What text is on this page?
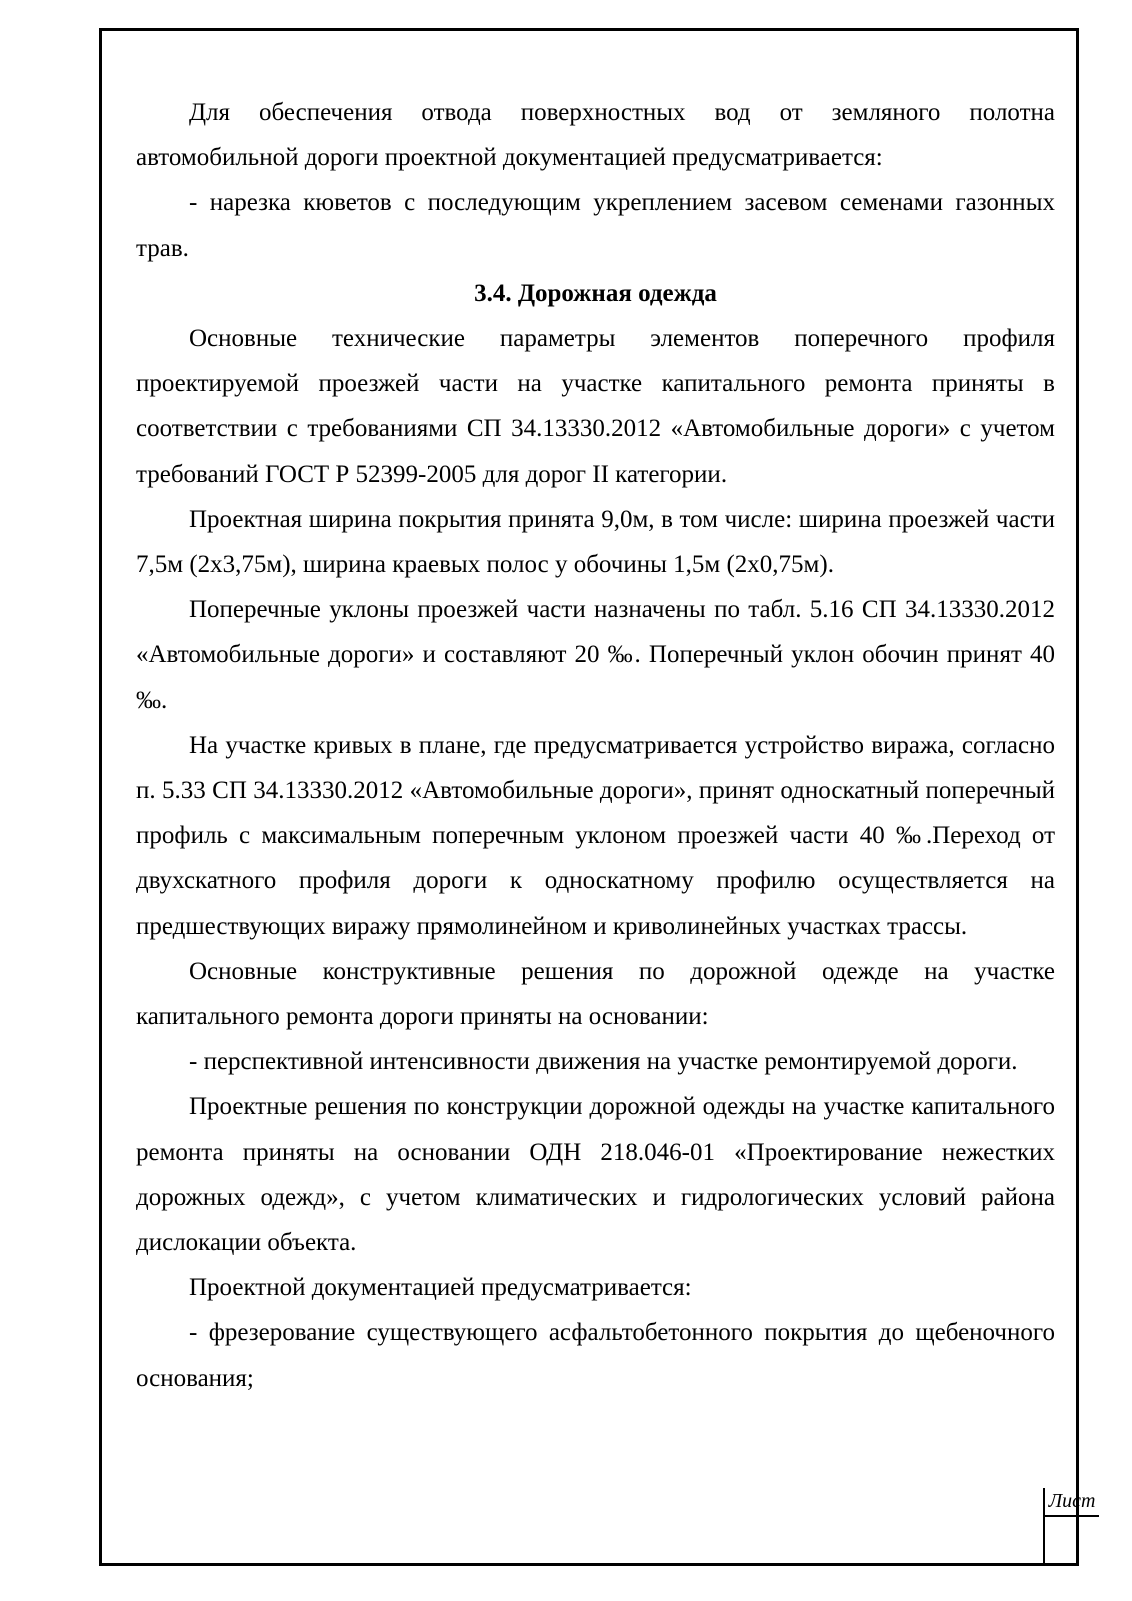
Для обеспечения отвода поверхностных вод от земляного полотна автомобильной дороги проектной документацией предусматривается:

- нарезка кюветов с последующим укреплением засевом семенами газонных трав.

3.4. Дорожная одежда

Основные технические параметры элементов поперечного профиля проектируемой проезжей части на участке капитального ремонта приняты в соответствии с требованиями СП 34.13330.2012 «Автомобильные дороги» с учетом требований ГОСТ Р 52399-2005 для дорог II категории.

Проектная ширина покрытия принята 9,0м, в том числе: ширина проезжей части 7,5м (2х3,75м), ширина краевых полос у обочины 1,5м (2х0,75м).

Поперечные уклоны проезжей части назначены по табл. 5.16 СП 34.13330.2012 «Автомобильные дороги» и составляют 20 ‰. Поперечный уклон обочин принят 40 ‰.

На участке кривых в плане, где предусматривается устройство виража, согласно п. 5.33 СП 34.13330.2012 «Автомобильные дороги», принят односкатный поперечный профиль с максимальным поперечным уклоном проезжей части 40 ‰.Переход от двухскатного профиля дороги к односкатному профилю осуществляется на предшествующих виражу прямолинейном и криволинейных участках трассы.

Основные конструктивные решения по дорожной одежде на участке капитального ремонта дороги приняты на основании:

- перспективной интенсивности движения на участке ремонтируемой дороги.

Проектные решения по конструкции дорожной одежды на участке капитального ремонта приняты на основании ОДН 218.046-01 «Проектирование нежестких дорожных одежд», с учетом климатических и гидрологических условий района дислокации объекта.

Проектной документацией предусматривается:

- фрезерование существующего асфальтобетонного покрытия до щебеночного основания;

Лист
